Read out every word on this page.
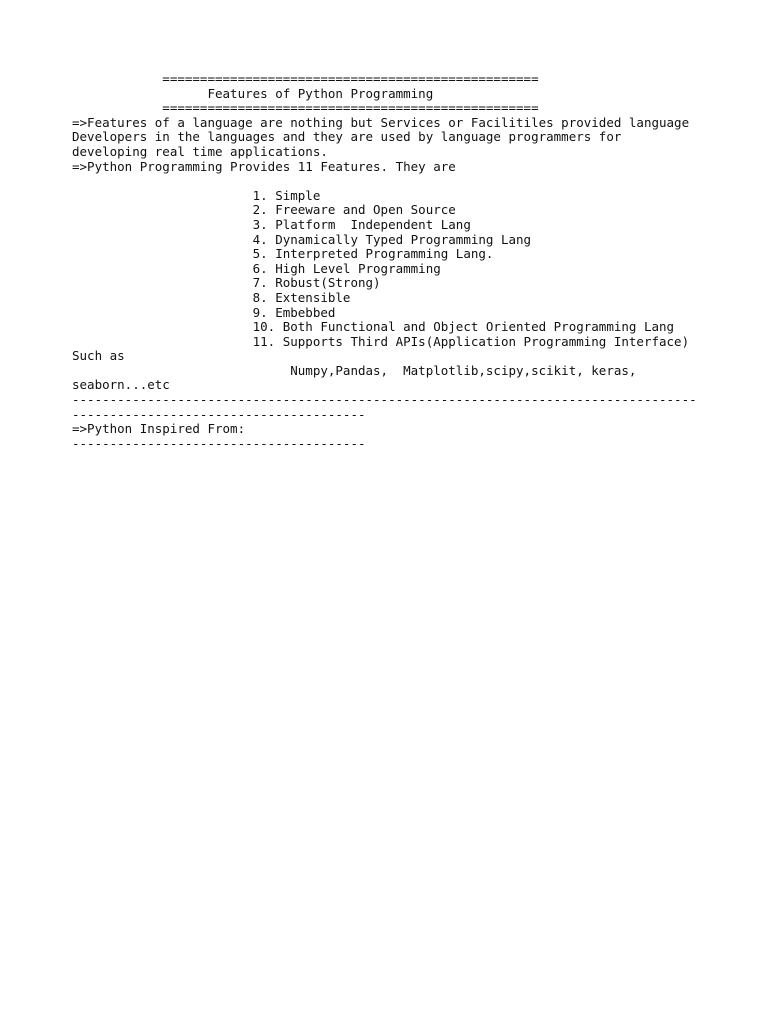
==================================================
Features of Python Programming
==================================================
=>Features of a language are nothing but Services or Facilitiles provided language
Developers in the languages and they are used by language programmers for
developing real time applications.
=>Python Programming Provides 11 Features. They are
1. Simple
2. Freeware and Open Source
3. Platform  Independent Lang
4. Dynamically Typed Programming Lang
5. Interpreted Programming Lang.
6. High Level Programming
7. Robust(Strong)
8. Extensible
9. Embebbed
10. Both Functional and Object Oriented Programming Lang
11. Supports Third APIs(Application Programming Interface)
Such as
Numpy,Pandas,  Matplotlib,scipy,scikit, keras,
seaborn...etc
-----------------------------------------------------------------------------------
---------------------------------------
=>Python Inspired From:
---------------------------------------
